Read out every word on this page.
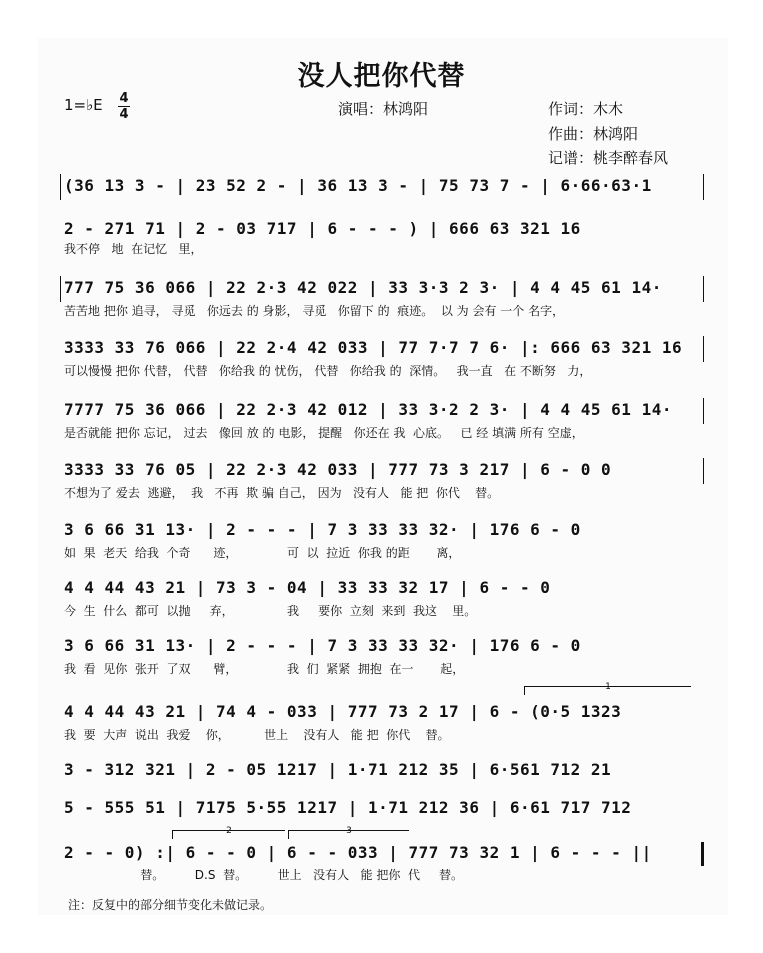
没人把你代替
1=♭E 4
4	演唱：林鸿阳	作词：木木
作曲：林鸿阳
记谱：桃李醉春风
(36 13 3 - | 23 52 2 - | 36 13 3 - | 75 73 7 - | 6·66·63·1
2 - 271 71 | 2 - 03 717 | 6 - - - ) | 666 63 321 16
我不停   地  在记忆   里，
777 75 36 066 | 22 2·3 42 022 | 33 3·3 2 3· | 4 4 45 61 14·
苦苦地 把你 追寻， 寻觅   你远去 的 身影， 寻觅   你留下 的  痕迹。  以 为 会有 一个 名字，
3333 33 76 066 | 22 2·4 42 033 | 77 7·7 7 6· |: 666 63 321 16
可以慢慢 把你 代替， 代替   你给我 的 忧伤， 代替   你给我 的  深情。   我一直   在 不断努   力，
7777 75 36 066 | 22 2·3 42 012 | 33 3·2 2 3· | 4 4 45 61 14·
是否就能 把你 忘记， 过去   像回 放 的 电影， 提醒   你还在 我  心底。   已 经 填满 所有 空虚，
3333 33 76 05 | 22 2·3 42 033 | 777 73 3 217 | 6 - 0 0
不想为了 爱去  逃避，  我   不再  欺 骗 自己， 因为   没有人   能 把  你代    替。
3 6 66 31 13· | 2 - - - | 7 3 33 33 32· | 176 6 - 0
如  果  老天  给我  个奇      迹，             可  以  拉近  你我 的距       离，
4 4 44 43 21 | 73 3 - 04 | 33 33 32 17 | 6 - - 0
今  生  什么  都可  以抛     弃，              我     要你  立刻  来到  我这    里。
3 6 66 31 13· | 2 - - - | 7 3 33 33 32· | 176 6 - 0
我  看  见你  张开  了双      臂，             我  们  紧紧  拥抱  在一       起，
1
4 4 44 43 21 | 74 4 - 033 | 777 73 2 17 | 6 - (0·5 1323
我  要  大声  说出  我爱    你，         世上    没有人   能 把  你代    替。
3 - 312 321 | 2 - 05 1217 | 1·71 212 35 | 6·561 712 21
5 - 555 51 | 7175 5·55 1217 | 1·71 212 36 | 6·61 717 712
2	3
2 - - 0) :| 6 - - 0 | 6 - - 033 | 777 73 32 1 | 6 - - - ||
替。        D.S  替。        世上   没有人   能 把你  代     替。
注：反复中的部分细节变化未做记录。
